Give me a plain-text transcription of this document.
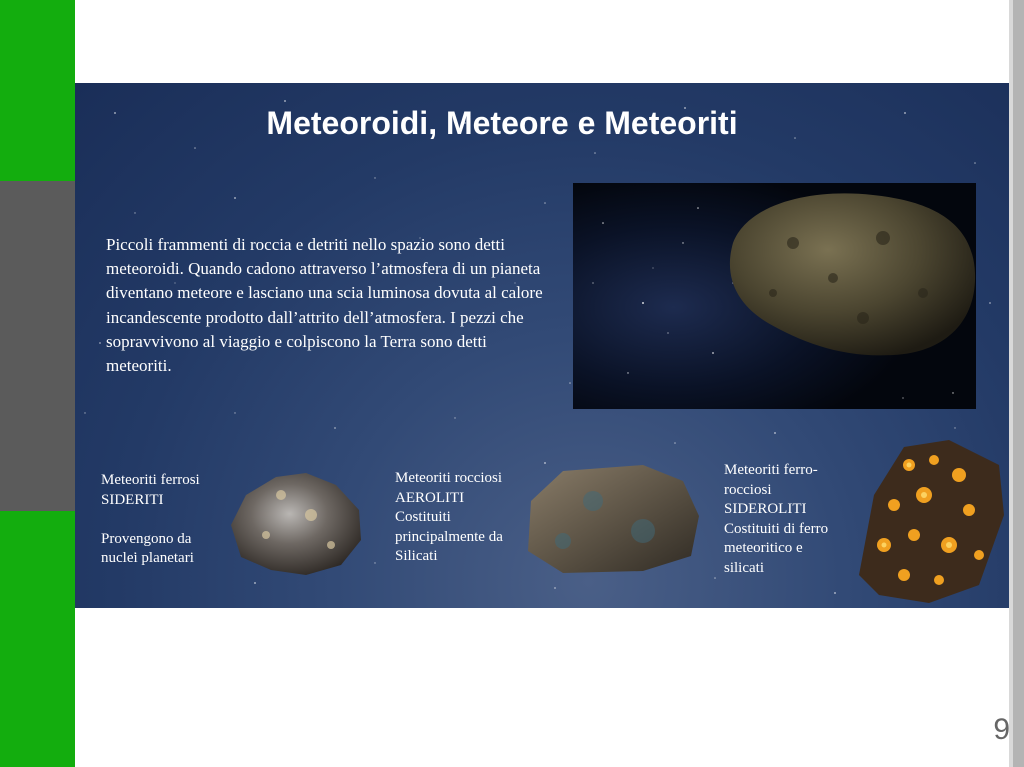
Meteoroidi, Meteore e Meteoriti

Piccoli frammenti di roccia e detriti nello spazio sono detti meteoroidi. Quando cadono attraverso l’atmosfera di un pianeta diventano meteore e lasciano una scia luminosa dovuta al calore incandescente prodotto dall’attrito dell’atmosfera. I pezzi che sopravvivono al viaggio e colpiscono la Terra sono detti meteoriti.

Meteoriti ferrosi
SIDERITI

Provengono da
nuclei planetari
Meteoriti rocciosi
AEROLITI
Costituiti
principalmente da
Silicati
Meteoriti ferro-
rocciosi
SIDEROLITI
Costituiti di ferro
meteoritico e
silicati
9
